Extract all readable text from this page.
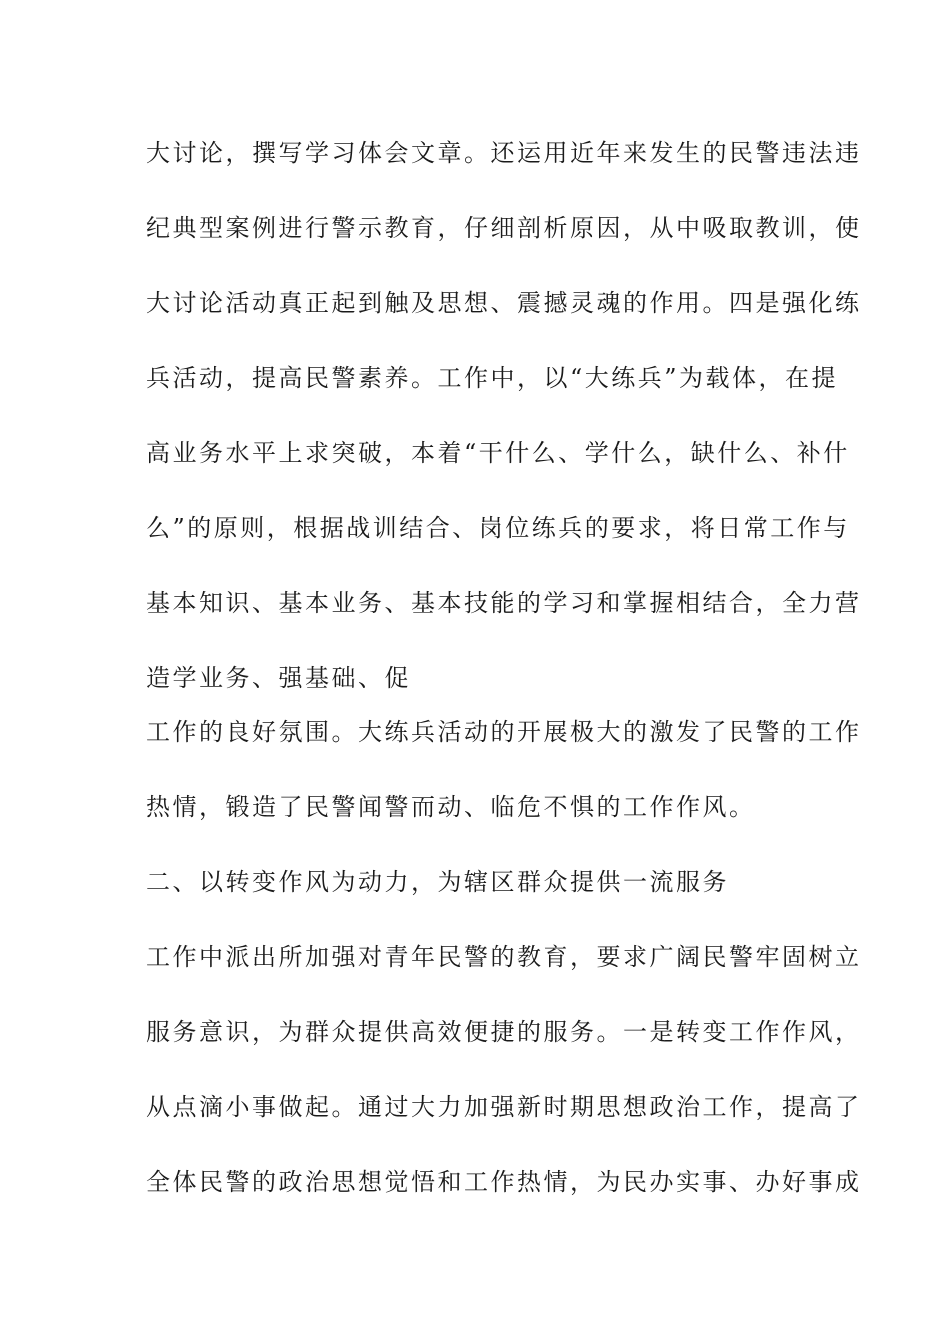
大讨论，撰写学习体会文章。还运用近年来发生的民警违法违
纪典型案例进行警示教育，仔细剖析原因，从中吸取教训，使
大讨论活动真正起到触及思想、震撼灵魂的作用。四是强化练
兵活动，提高民警素养。工作中，以“大练兵”为载体，在提
高业务水平上求突破，本着“干什么、学什么，缺什么、补什
么”的原则，根据战训结合、岗位练兵的要求，将日常工作与
基本知识、基本业务、基本技能的学习和掌握相结合，全力营
造学业务、强基础、促
工作的良好氛围。大练兵活动的开展极大的激发了民警的工作
热情，锻造了民警闻警而动、临危不惧的工作作风。
二、以转变作风为动力，为辖区群众提供一流服务
工作中派出所加强对青年民警的教育，要求广阔民警牢固树立
服务意识，为群众提供高效便捷的服务。一是转变工作作风，
从点滴小事做起。通过大力加强新时期思想政治工作，提高了
全体民警的政治思想觉悟和工作热情，为民办实事、办好事成
